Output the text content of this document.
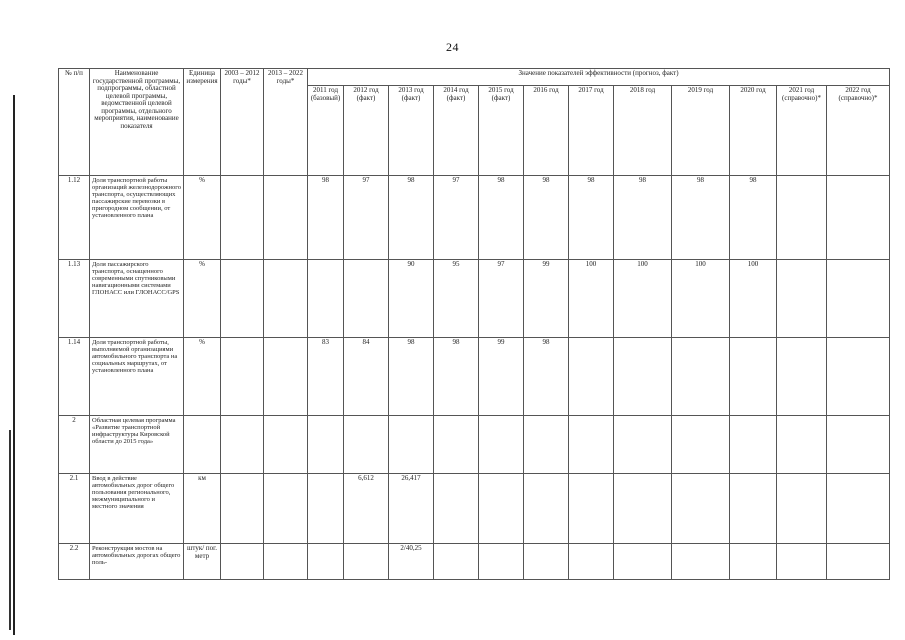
24
№ п/п	Наименование государственной программы, подпрограммы, областной целевой программы, ведомственной целевой программы, отдельного мероприятия, наименование показателя	Единица измерения	2003 – 2012 годы*	2013 – 2022 годы*	Значение показателей эффективности (прогноз, факт)											
					2011 год (базовый)	2012 год (факт)	2013 год (факт)	2014 год (факт)	2015 год (факт)	2016 год	2017 год	2018 год	2019 год	2020 год	2021 год (справочно)*	2022 год (справочно)*
1.12	Доля транспортной работы организаций железнодорожного транспорта, осуществляющих пассажирские перевозки в пригородном сообщении, от установленного плана	%			98	97	98	97	98	98	98	98	98	98		
1.13	Доля пассажирского транспорта, оснащенного современными спутниковыми навигационными системами ГЛОНАСС или ГЛОНАСС/GPS	%					90	95	97	99	100	100	100	100		
1.14	Доля транспортной работы, выполняемой организациями автомобильного транспорта на социальных маршрутах, от установленного плана	%			83	84	98	98	99	98						
2	Областная целевая программа «Развитие транспортной инфраструктуры Кировской области до 2015 года»															
2.1	Ввод в действие автомобильных дорог общего пользования регионального, межмуниципального и местного значения	км				6,612	26,417									
2.2	Реконструкция мостов на автомобильных дорогах общего поль-	штук/ пог. метр					2/40,25									
